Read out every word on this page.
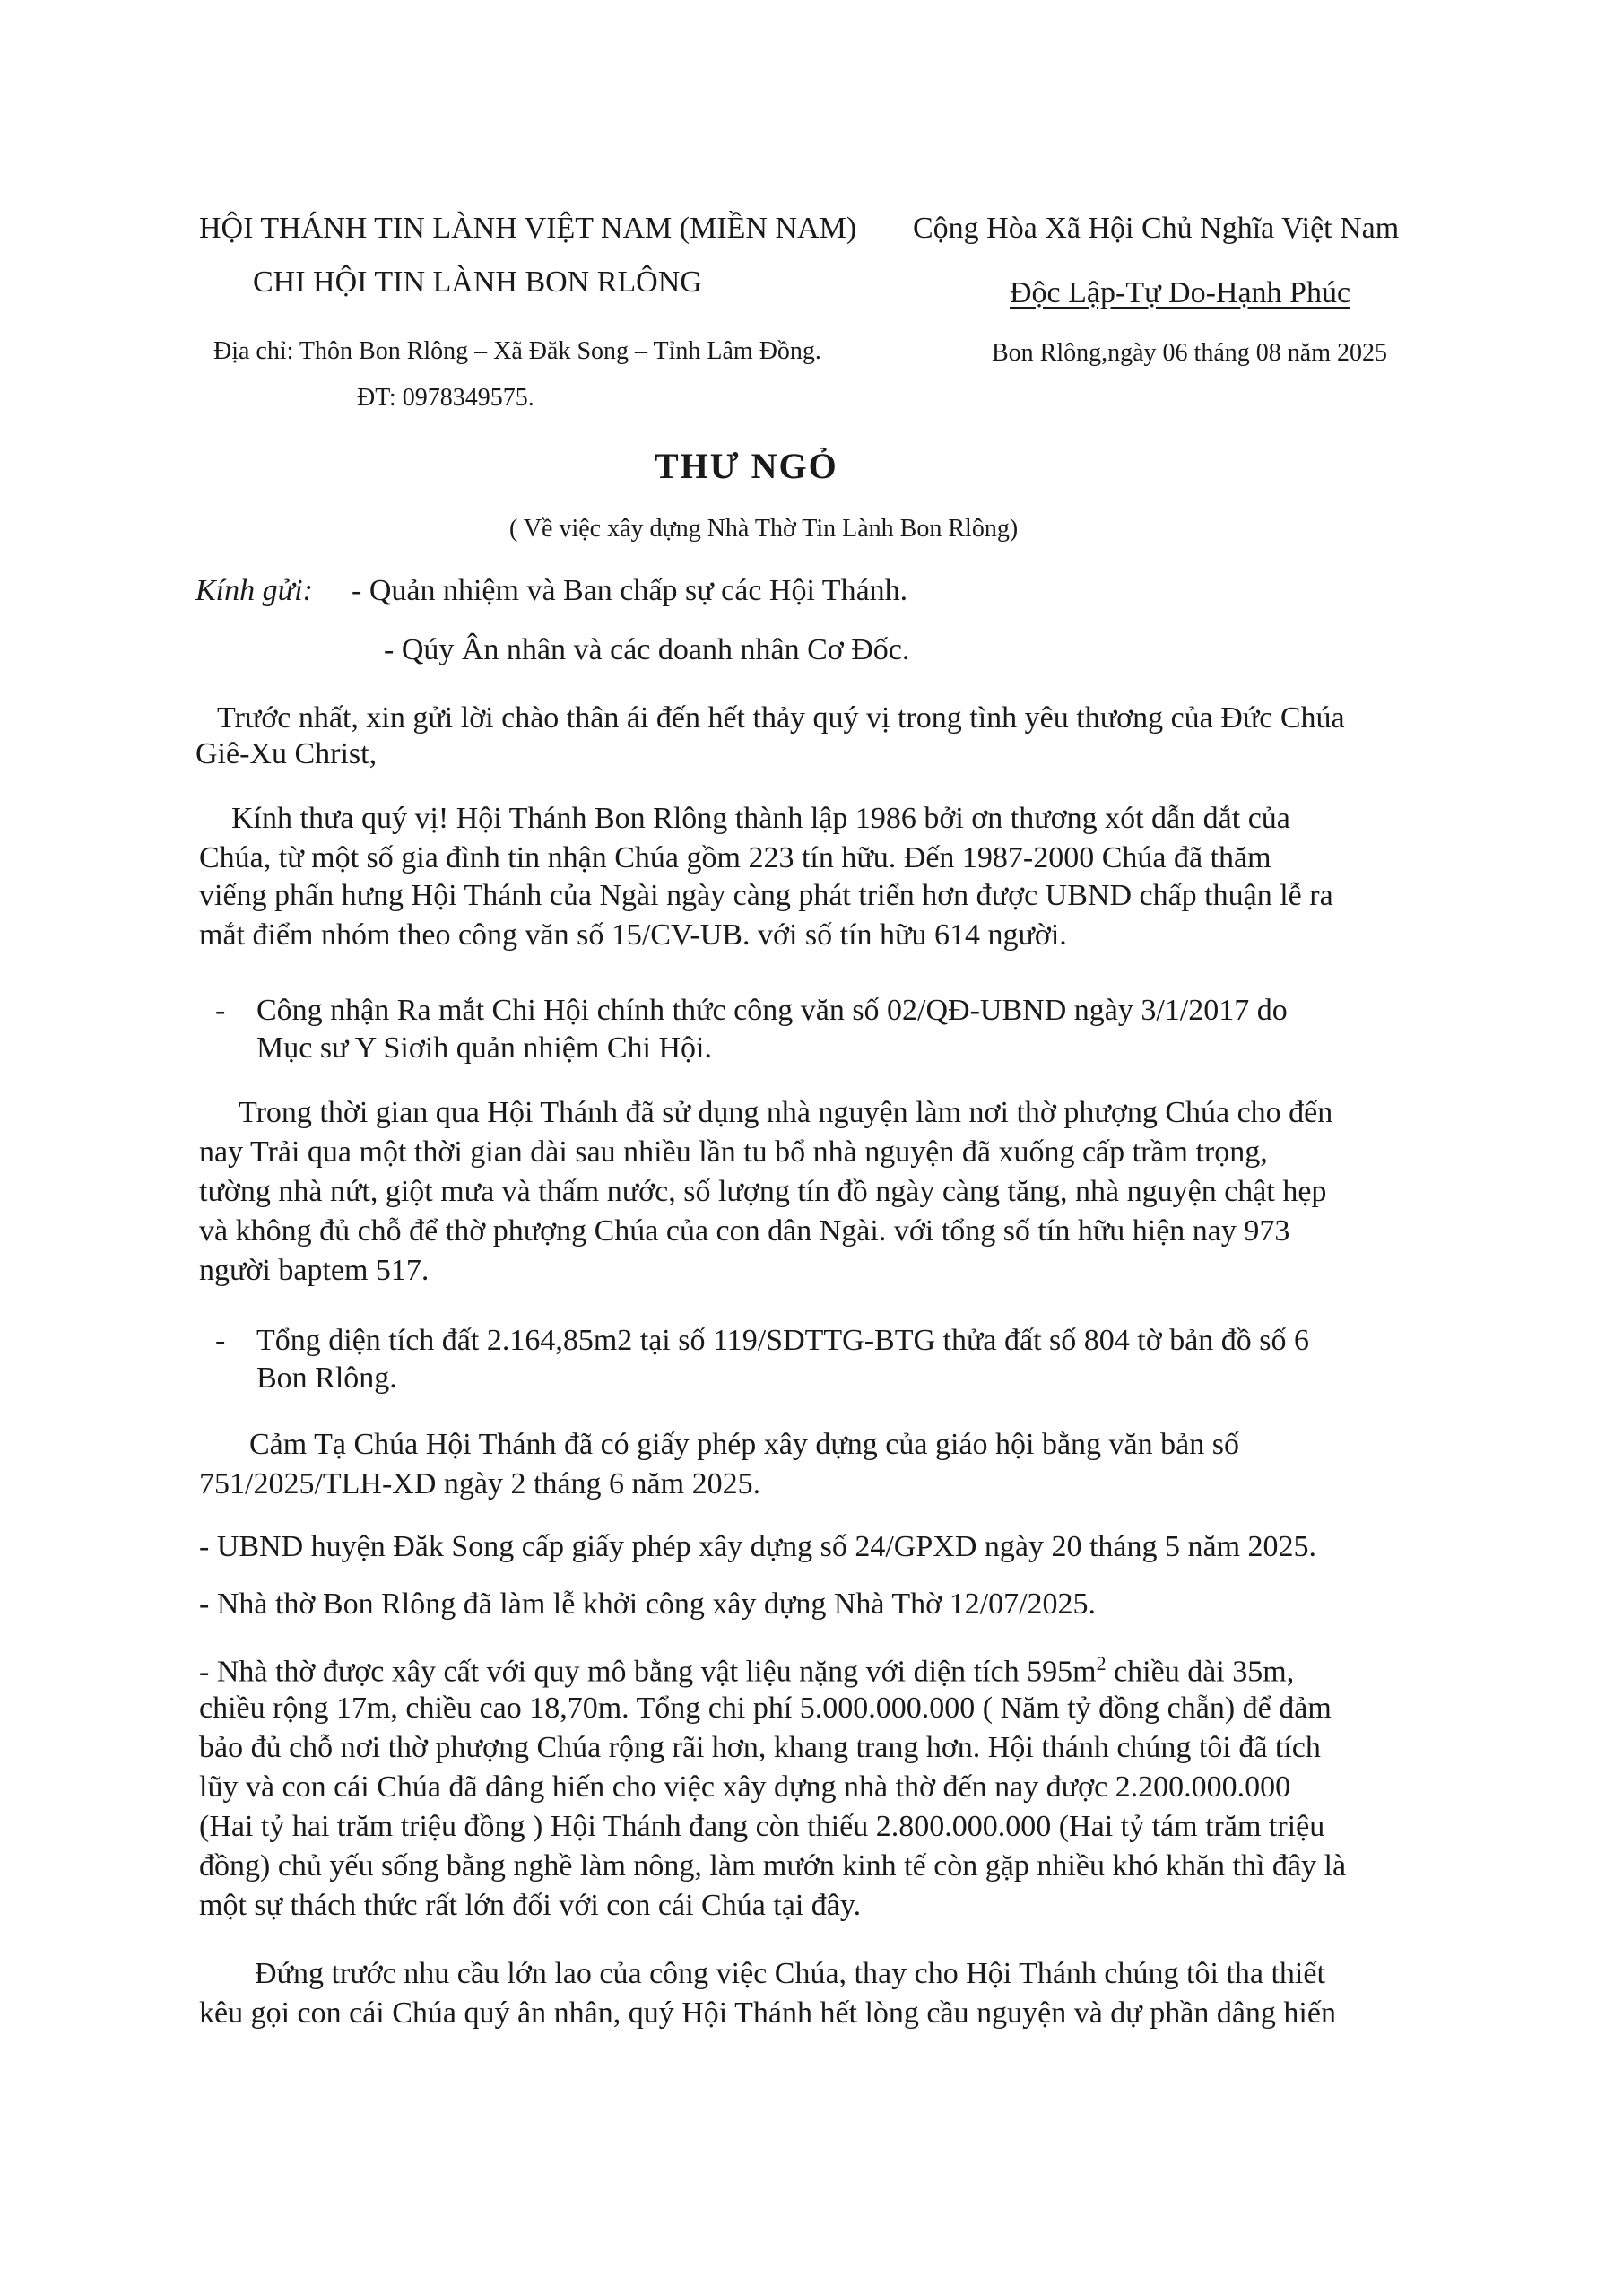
HỘI THÁNH TIN LÀNH VIỆT NAM (MIỀN NAM)
CHI HỘI TIN LÀNH BON RLÔNG
Địa chỉ: Thôn Bon Rlông – Xã Đăk Song – Tỉnh Lâm Đồng.
ĐT: 0978349575.
Cộng Hòa Xã Hội Chủ Nghĩa Việt Nam
Độc Lập-Tự Do-Hạnh Phúc
Bon Rlông,ngày 06 tháng 08 năm 2025
THƯ NGỎ
( Về việc xây dựng Nhà Thờ Tin Lành Bon Rlông)
Kính gửi: - Quản nhiệm và Ban chấp sự các Hội Thánh.
- Qúy Ân nhân và các doanh nhân Cơ Đốc.
Trước nhất, xin gửi lời chào thân ái đến hết thảy quý vị trong tình yêu thương của Đức Chúa
Giê-Xu Christ,
Kính thưa quý vị! Hội Thánh Bon Rlông thành lập 1986 bởi ơn thương xót dẫn dắt của
Chúa, từ một số gia đình tin nhận Chúa gồm 223 tín hữu. Đến 1987-2000 Chúa đã thăm
viếng phấn hưng Hội Thánh của Ngài ngày càng phát triển hơn được UBND chấp thuận lễ ra
mắt điểm nhóm theo công văn số 15/CV-UB. với số tín hữu 614 người.
- Công nhận Ra mắt Chi Hội chính thức công văn số 02/QĐ-UBND ngày 3/1/2017 do
Mục sư Y Siơih quản nhiệm Chi Hội.
Trong thời gian qua Hội Thánh đã sử dụng nhà nguyện làm nơi thờ phượng Chúa cho đến
nay Trải qua một thời gian dài sau nhiều lần tu bổ nhà nguyện đã xuống cấp trầm trọng,
tường nhà nứt, giột mưa và thấm nước, số lượng tín đồ ngày càng tăng, nhà nguyện chật hẹp
và không đủ chỗ để thờ phượng Chúa của con dân Ngài. với tổng số tín hữu hiện nay 973
người baptem 517.
- Tổng diện tích đất 2.164,85m2 tại số 119/SDTTG-BTG thửa đất số 804 tờ bản đồ số 6
Bon Rlông.
Cảm Tạ Chúa Hội Thánh đã có giấy phép xây dựng của giáo hội bằng văn bản số
751/2025/TLH-XD ngày 2 tháng 6 năm 2025.
- UBND huyện Đăk Song cấp giấy phép xây dựng số 24/GPXD ngày 20 tháng 5 năm 2025.
- Nhà thờ Bon Rlông đã làm lễ khởi công xây dựng Nhà Thờ 12/07/2025.
- Nhà thờ được xây cất với quy mô bằng vật liệu nặng với diện tích $595m^2$ chiều dài 35m,
chiều rộng 17m, chiều cao 18,70m. Tổng chi phí 5.000.000.000 ( Năm tỷ đồng chẵn) để đảm
bảo đủ chỗ nơi thờ phượng Chúa rộng rãi hơn, khang trang hơn. Hội thánh chúng tôi đã tích
lũy và con cái Chúa đã dâng hiến cho việc xây dựng nhà thờ đến nay được 2.200.000.000
(Hai tỷ hai trăm triệu đồng ) Hội Thánh đang còn thiếu 2.800.000.000 (Hai tỷ tám trăm triệu
đồng) chủ yếu sống bằng nghề làm nông, làm mướn kinh tế còn gặp nhiều khó khăn thì đây là
một sự thách thức rất lớn đối với con cái Chúa tại đây.
Đứng trước nhu cầu lớn lao của công việc Chúa, thay cho Hội Thánh chúng tôi tha thiết
kêu gọi con cái Chúa quý ân nhân, quý Hội Thánh hết lòng cầu nguyện và dự phần dâng hiến
